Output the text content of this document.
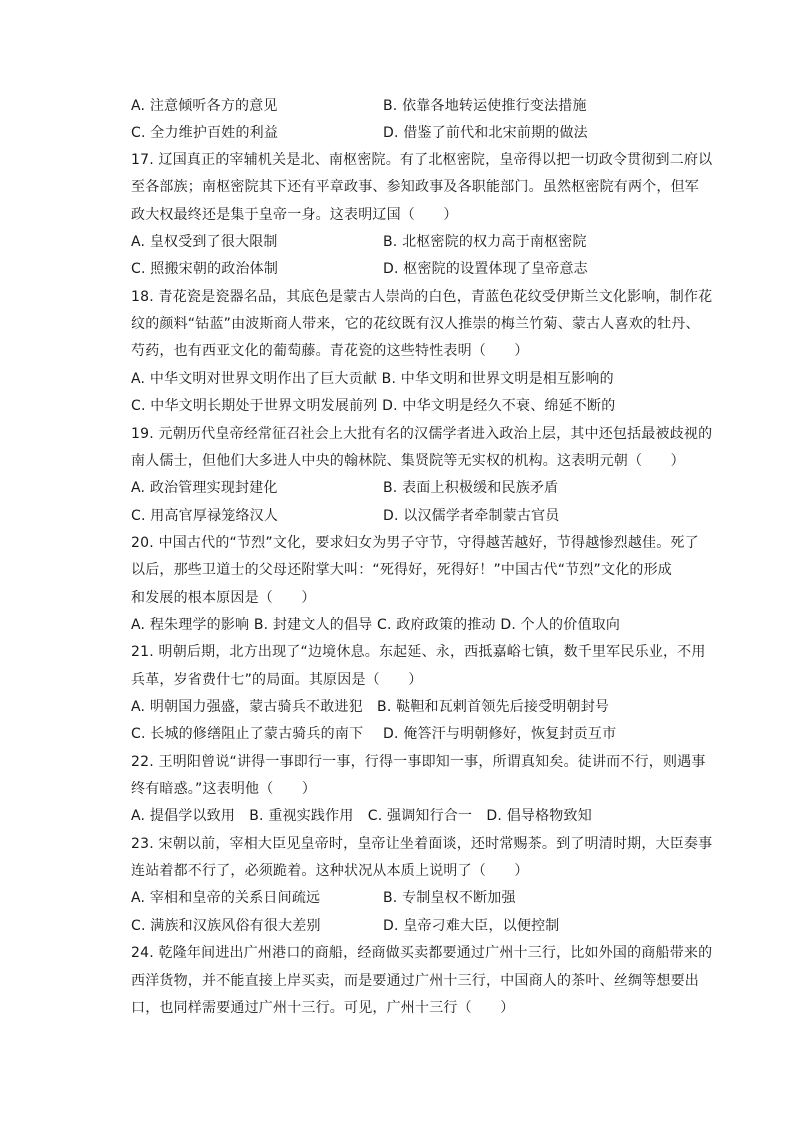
A. 注意倾听各方的意见	B. 依靠各地转运使推行变法措施
C. 全力维护百姓的利益	D. 借鉴了前代和北宋前期的做法
17. 辽国真正的宰辅机关是北、南枢密院。有了北枢密院，皇帝得以把一切政令贯彻到二府以
至各部族；南枢密院其下还有平章政事、参知政事及各职能部门。虽然枢密院有两个，但军
政大权最终还是集于皇帝一身。这表明辽国（　　）
A. 皇权受到了很大限制	B. 北枢密院的权力高于南枢密院
C. 照搬宋朝的政治体制	D. 枢密院的设置体现了皇帝意志
18. 青花瓷是瓷器名品，其底色是蒙古人崇尚的白色，青蓝色花纹受伊斯兰文化影响，制作花
纹的颜料“钴蓝”由波斯商人带来，它的花纹既有汉人推崇的梅兰竹菊、蒙古人喜欢的牡丹、
芍药，也有西亚文化的葡萄藤。青花瓷的这些特性表明（　　）
A. 中华文明对世界文明作出了巨大贡献 B. 中华文明和世界文明是相互影响的
C. 中华文明长期处于世界文明发展前列 D. 中华文明是经久不衰、绵延不断的
19. 元朝历代皇帝经常征召社会上大批有名的汉儒学者进入政治上层，其中还包括最被歧视的
南人儒士，但他们大多进人中央的翰林院、集贤院等无实权的机构。这表明元朝（　　）
A. 政治管理实现封建化	B. 表面上积极缓和民族矛盾
C. 用高官厚禄笼络汉人	D. 以汉儒学者牵制蒙古官员
20. 中国古代的“节烈”文化，要求妇女为男子守节，守得越苦越好，节得越惨烈越佳。死了
以后，那些卫道士的父母还附掌大叫：“死得好，死得好！”中国古代“节烈”文化的形成
和发展的根本原因是（　　）
A. 程朱理学的影响 B. 封建文人的倡导 C. 政府政策的推动 D. 个人的价值取向
21. 明朝后期，北方出现了“边境休息。东起延、永，西抵嘉峪七镇，数千里军民乐业，不用
兵革，岁省费什七”的局面。其原因是（　　）
A. 明朝国力强盛，蒙古骑兵不敢进犯　B. 鞑靼和瓦剌首领先后接受明朝封号
C. 长城的修缮阻止了蒙古骑兵的南下 D. 俺答汗与明朝修好，恢复封贡互市
22. 王明阳曾说“讲得一事即行一事，行得一事即知一事，所谓真知矣。徒讲而不行，则遇事
终有暗惑。”这表明他（　　）
A. 提倡学以致用　B. 重视实践作用　C. 强调知行合一　D. 倡导格物致知
23. 宋朝以前，宰相大臣见皇帝时，皇帝让坐着面谈，还时常赐茶。到了明清时期，大臣奏事
连站着都不行了，必须跪着。这种状况从本质上说明了（　　）
A. 宰相和皇帝的关系日间疏远	B. 专制皇权不断加强
C. 满族和汉族风俗有很大差别	D. 皇帝刁难大臣，以便控制
24. 乾隆年间进出广州港口的商船，经商做买卖都要通过广州十三行，比如外国的商船带来的
西洋货物，并不能直接上岸买卖，而是要通过广州十三行，中国商人的茶叶、丝绸等想要出
口，也同样需要通过广州十三行。可见，广州十三行（　　）
